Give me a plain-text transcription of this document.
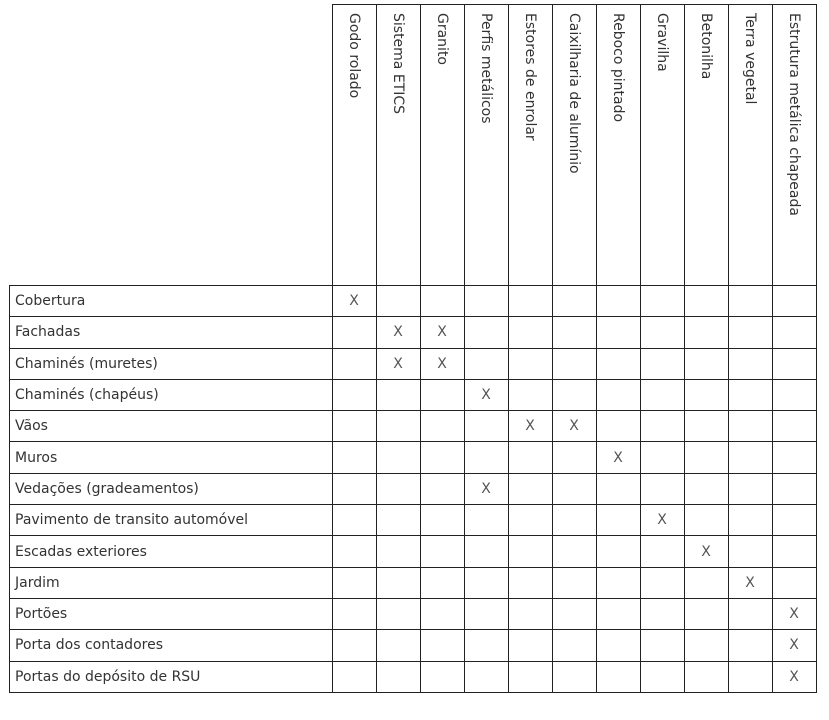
	Godo rolado	Sistema ETICS	Granito	Perfis metálicos	Estores de enrolar	Caixilharia de alumínio	Reboco pintado	Gravilha	Betonilha	Terra vegetal	Estrutura metálica chapeada

Cobertura	X										
Fachadas		X	X								
Chaminés (muretes)		X	X								
Chaminés (chapéus)				X							
Vãos					X	X					
Muros							X				
Vedações (gradeamentos)				X							
Pavimento de transito automóvel								X			
Escadas exteriores									X		
Jardim										X	
Portões											X
Porta dos contadores											X
Portas do depósito de RSU											X
